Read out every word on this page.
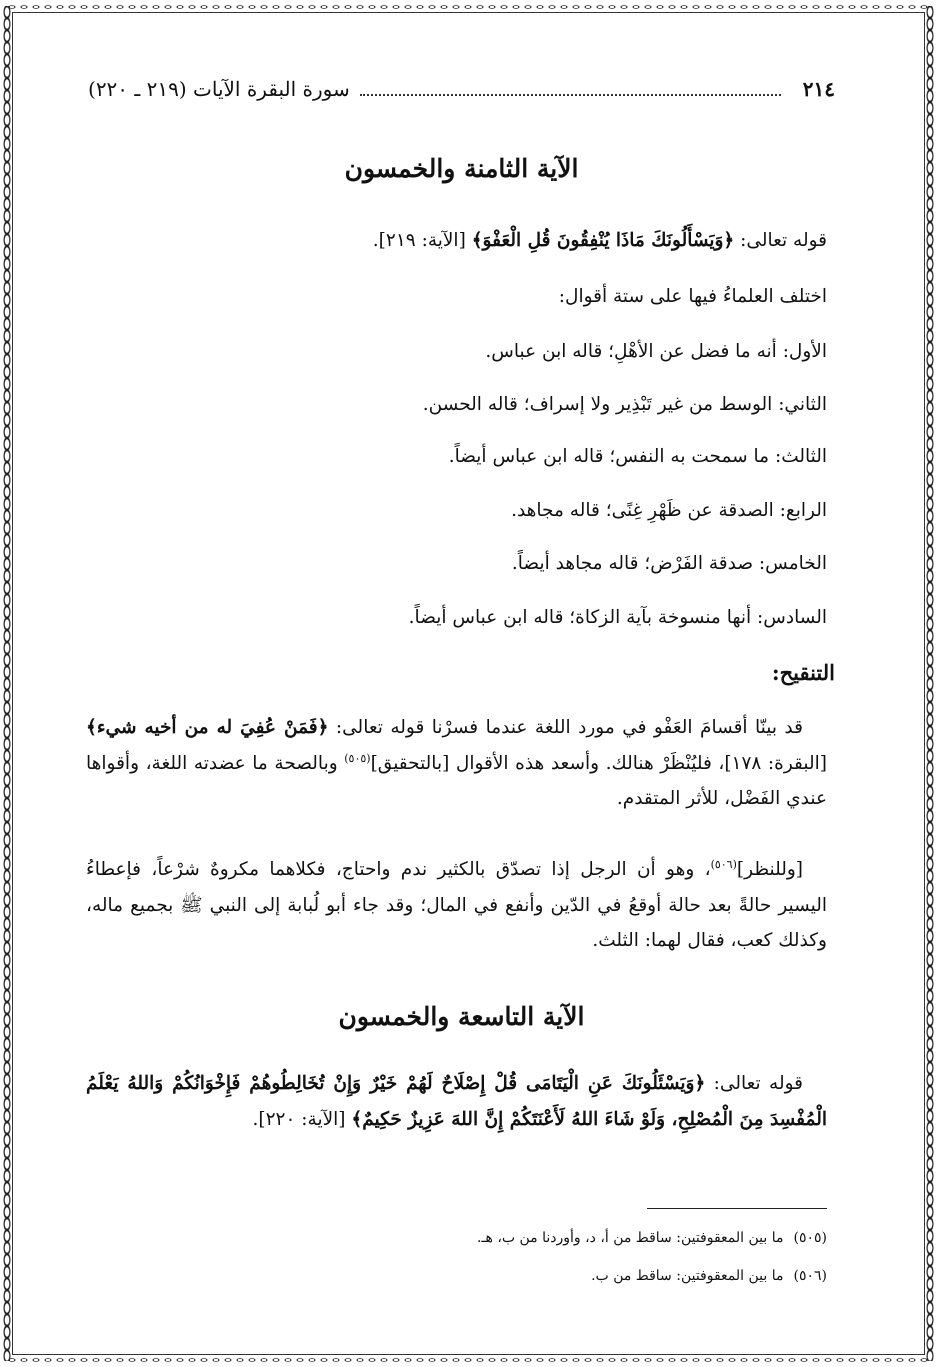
٢١٤
سورة البقرة الآيات (٢١٩ ـ ٢٢٠)
الآية الثامنة والخمسون

قوله تعالى: ﴿وَيَسْأَلُونَكَ مَاذَا يُنْفِقُونَ قُلِ الْعَفْوَ﴾ [الآية: ٢١٩].

اختلف العلماءُ فيها على ستة أقوال:

الأول: أنه ما فضل عن الأهْلِ؛ قاله ابن عباس.

الثاني: الوسط من غير تَبْذِير ولا إسراف؛ قاله الحسن.

الثالث: ما سمحت به النفس؛ قاله ابن عباس أيضاً.

الرابع: الصدقة عن ظَهْرِ غِنًى؛ قاله مجاهد.

الخامس: صدقة الفَرْض؛ قاله مجاهد أيضاً.

السادس: أنها منسوخة بآية الزكاة؛ قاله ابن عباس أيضاً.

التنقيح:

قد بينّا أقسامَ العَفْو في مورد اللغة عندما فسرْنا قوله تعالى: ﴿فَمَنْ عُفِيَ له من أخيه شيء﴾ [البقرة: ١٧٨]، فليُنْظَرْ هنالك. وأسعد هذه الأقوال [بالتحقيق]$^{(٥٠٥)}$ وبالصحة ما عضدته اللغة، وأقواها عندي الفَضْل، للأثر المتقدم.

[وللنظر]$^{(٥٠٦)}$، وهو أن الرجل إذا تصدّق بالكثير ندم واحتاج، فكلاهما مكروهٌ شرْعاً، فإعطاءُ اليسير حالةً بعد حالة أوقعُ في الدّين وأنفع في المال؛ وقد جاء أبو لُبابة إلى النبي ﷺ بجميع ماله، وكذلك كعب، فقال لهما: الثلث.

الآية التاسعة والخمسون

قوله تعالى: ﴿وَيَسْئَلُونَكَ عَنِ الْيَتَامَى قُلْ إِصْلَاحٌ لَهُمْ خَيْرٌ وَإِنْ تُخَالِطُوهُمْ فَإِخْوَانُكُمْ وَاللهُ يَعْلَمُ الْمُفْسِدَ مِنَ الْمُصْلِحِ، وَلَوْ شَاءَ اللهُ لَأَعْنَتَكُمْ إِنَّ اللهَ عَزِيزٌ حَكِيمٌ﴾ [الآية: ٢٢٠].

(٥٠٥)ما بين المعقوفتين: ساقط من أ، د، وأوردنا من ب، هـ.
(٥٠٦)ما بين المعقوفتين: ساقط من ب.
